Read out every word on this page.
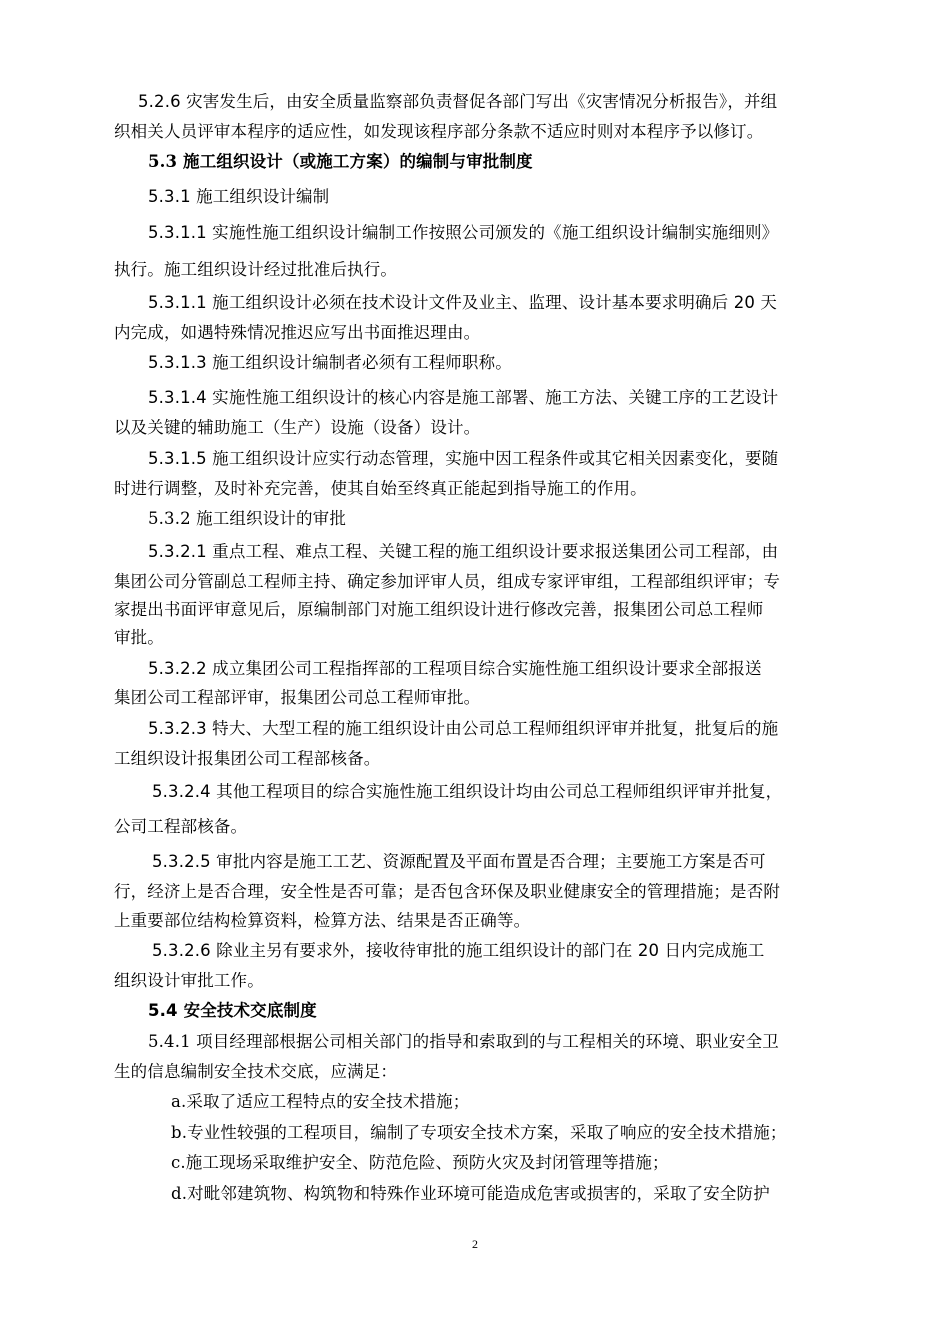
5.2.6 灾害发生后，由安全质量监察部负责督促各部门写出《灾害情况分析报告》，并组
织相关人员评审本程序的适应性，如发现该程序部分条款不适应时则对本程序予以修订。
5.3 施工组织设计（或施工方案）的编制与审批制度
5.3.1 施工组织设计编制
5.3.1.1 实施性施工组织设计编制工作按照公司颁发的《施工组织设计编制实施细则》
执行。施工组织设计经过批准后执行。
5.3.1.1 施工组织设计必须在技术设计文件及业主、监理、设计基本要求明确后 20 天
内完成，如遇特殊情况推迟应写出书面推迟理由。
5.3.1.3 施工组织设计编制者必须有工程师职称。
5.3.1.4 实施性施工组织设计的核心内容是施工部署、施工方法、关键工序的工艺设计
以及关键的辅助施工（生产）设施（设备）设计。
5.3.1.5 施工组织设计应实行动态管理，实施中因工程条件或其它相关因素变化，要随
时进行调整，及时补充完善，使其自始至终真正能起到指导施工的作用。
5.3.2 施工组织设计的审批
5.3.2.1 重点工程、难点工程、关键工程的施工组织设计要求报送集团公司工程部，由
集团公司分管副总工程师主持、确定参加评审人员，组成专家评审组，工程部组织评审；专
家提出书面评审意见后，原编制部门对施工组织设计进行修改完善，报集团公司总工程师
审批。
5.3.2.2 成立集团公司工程指挥部的工程项目综合实施性施工组织设计要求全部报送
集团公司工程部评审，报集团公司总工程师审批。
5.3.2.3 特大、大型工程的施工组织设计由公司总工程师组织评审并批复，批复后的施
工组织设计报集团公司工程部核备。
5.3.2.4 其他工程项目的综合实施性施工组织设计均由公司总工程师组织评审并批复，
公司工程部核备。
5.3.2.5 审批内容是施工工艺、资源配置及平面布置是否合理；主要施工方案是否可
行，经济上是否合理，安全性是否可靠；是否包含环保及职业健康安全的管理措施；是否附
上重要部位结构检算资料，检算方法、结果是否正确等。
5.3.2.6 除业主另有要求外，接收待审批的施工组织设计的部门在 20 日内完成施工
组织设计审批工作。
5.4 安全技术交底制度
5.4.1 项目经理部根据公司相关部门的指导和索取到的与工程相关的环境、职业安全卫
生的信息编制安全技术交底，应满足：
a.采取了适应工程特点的安全技术措施；
b.专业性较强的工程项目，编制了专项安全技术方案，采取了响应的安全技术措施；
c.施工现场采取维护安全、防范危险、预防火灾及封闭管理等措施；
d.对毗邻建筑物、构筑物和特殊作业环境可能造成危害或损害的，采取了安全防护
2
